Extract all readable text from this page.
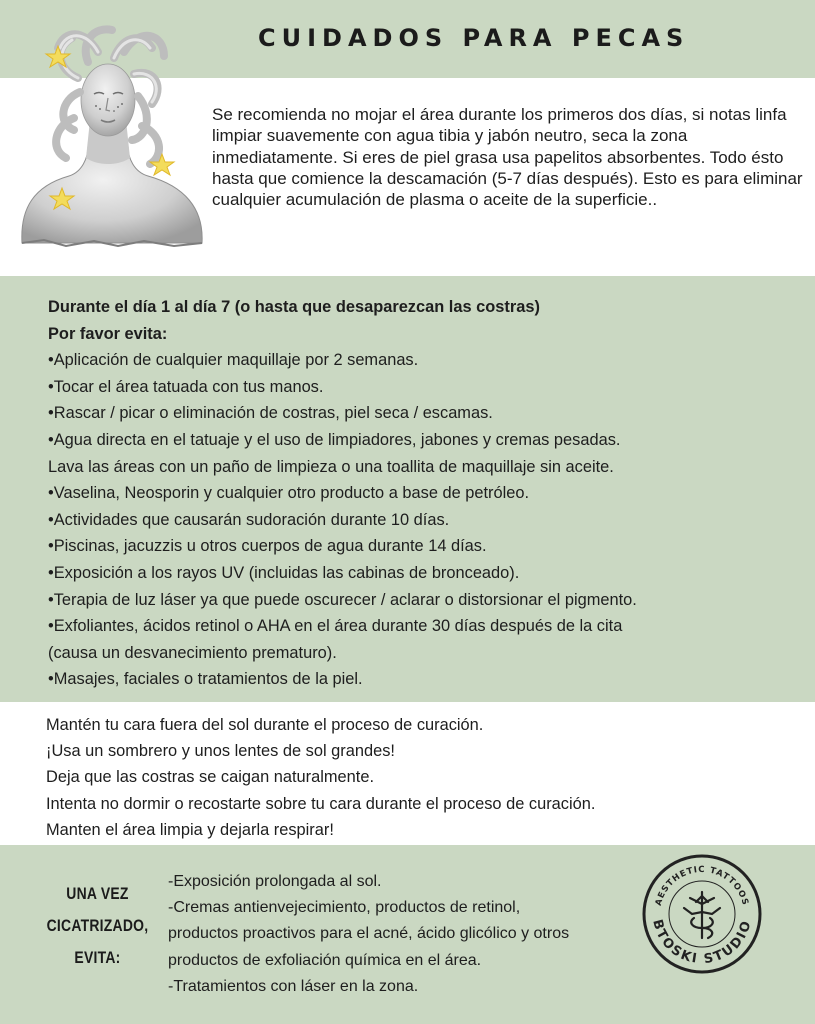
CUIDADOS PARA PECAS

Se recomienda no mojar el área durante los primeros dos días, si notas linfa limpiar suavemente con agua tibia y jabón neutro, seca la zona inmediatamente. Si eres de piel grasa usa papelitos absorbentes. Todo ésto hasta que comience la descamación (5-7 días después). Esto es para eliminar cualquier acumulación de plasma o aceite de la superficie..

Durante el día 1 al día 7 (o hasta que desaparezcan las costras)
Por favor evita:
•Aplicación de cualquier maquillaje por 2 semanas.
•Tocar el área tatuada con tus manos.
•Rascar / picar o eliminación de costras, piel seca / escamas.
•Agua directa en el tatuaje y el uso de limpiadores, jabones y cremas pesadas.
Lava las áreas con un paño de limpieza o una toallita de maquillaje sin aceite.
•Vaselina, Neosporin y cualquier otro producto a base de petróleo.
•Actividades que causarán sudoración durante 10 días.
•Piscinas, jacuzzis u otros cuerpos de agua durante 14 días.
•Exposición a los rayos UV (incluidas las cabinas de bronceado).
•Terapia de luz láser ya que puede oscurecer / aclarar o distorsionar el pigmento.
•Exfoliantes, ácidos retinol o AHA en el área durante 30 días después de la cita
(causa un desvanecimiento prematuro).
•Masajes, faciales o tratamientos de la piel.
Mantén tu cara fuera del sol durante el proceso de curación.
¡Usa un sombrero y unos lentes de sol grandes!
Deja que las costras se caigan naturalmente.
Intenta no dormir o recostarte sobre tu cara durante el proceso de curación.
Manten el área limpia y dejarla respirar!
UNA VEZ
CICATRIZADO,
EVITA:
-Exposición prolongada al sol.
-Cremas antienvejecimiento, productos de retinol,
productos proactivos para el acné, ácido glicólico y otros
productos de exfoliación química en el área.
-Tratamientos con láser en la zona.
AESTHETIC TATTOOS
BTOSKI STUDIO
